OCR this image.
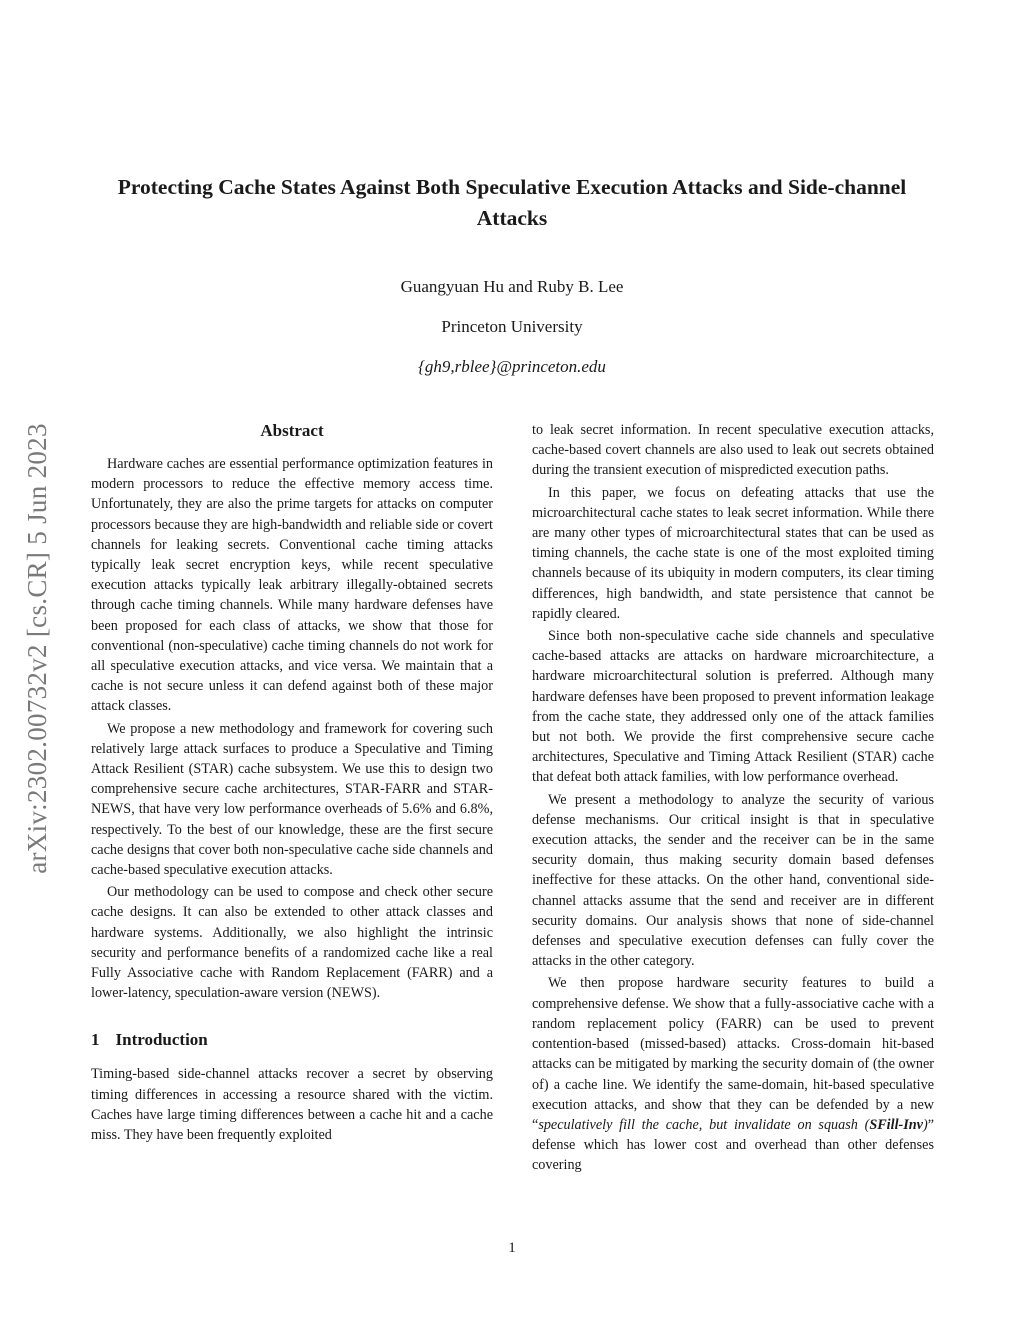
arXiv:2302.00732v2 [cs.CR] 5 Jun 2023
Protecting Cache States Against Both Speculative Execution Attacks and Side-channel Attacks
Guangyuan Hu and Ruby B. Lee
Princeton University
{gh9,rblee}@princeton.edu
Abstract

Hardware caches are essential performance optimization features in modern processors to reduce the effective memory access time. Unfortunately, they are also the prime targets for attacks on computer processors because they are high-bandwidth and reliable side or covert channels for leaking secrets. Conventional cache timing attacks typically leak secret encryption keys, while recent speculative execution attacks typically leak arbitrary illegally-obtained secrets through cache timing channels. While many hardware defenses have been proposed for each class of attacks, we show that those for conventional (non-speculative) cache timing channels do not work for all speculative execution attacks, and vice versa. We maintain that a cache is not secure unless it can defend against both of these major attack classes.

We propose a new methodology and framework for covering such relatively large attack surfaces to produce a Speculative and Timing Attack Resilient (STAR) cache subsystem. We use this to design two comprehensive secure cache architectures, STAR-FARR and STAR-NEWS, that have very low performance overheads of 5.6% and 6.8%, respectively. To the best of our knowledge, these are the first secure cache designs that cover both non-speculative cache side channels and cache-based speculative execution attacks.

Our methodology can be used to compose and check other secure cache designs. It can also be extended to other attack classes and hardware systems. Additionally, we also highlight the intrinsic security and performance benefits of a randomized cache like a real Fully Associative cache with Random Replacement (FARR) and a lower-latency, speculation-aware version (NEWS).

1 Introduction

Timing-based side-channel attacks recover a secret by observing timing differences in accessing a resource shared with the victim. Caches have large timing differences between a cache hit and a cache miss. They have been frequently exploited

to leak secret information. In recent speculative execution attacks, cache-based covert channels are also used to leak out secrets obtained during the transient execution of mispredicted execution paths.

In this paper, we focus on defeating attacks that use the microarchitectural cache states to leak secret information. While there are many other types of microarchitectural states that can be used as timing channels, the cache state is one of the most exploited timing channels because of its ubiquity in modern computers, its clear timing differences, high bandwidth, and state persistence that cannot be rapidly cleared.

Since both non-speculative cache side channels and speculative cache-based attacks are attacks on hardware microarchitecture, a hardware microarchitectural solution is preferred. Although many hardware defenses have been proposed to prevent information leakage from the cache state, they addressed only one of the attack families but not both. We provide the first comprehensive secure cache architectures, Speculative and Timing Attack Resilient (STAR) cache that defeat both attack families, with low performance overhead.

We present a methodology to analyze the security of various defense mechanisms. Our critical insight is that in speculative execution attacks, the sender and the receiver can be in the same security domain, thus making security domain based defenses ineffective for these attacks. On the other hand, conventional side-channel attacks assume that the send and receiver are in different security domains. Our analysis shows that none of side-channel defenses and speculative execution defenses can fully cover the attacks in the other category.

We then propose hardware security features to build a comprehensive defense. We show that a fully-associative cache with a random replacement policy (FARR) can be used to prevent contention-based (missed-based) attacks. Cross-domain hit-based attacks can be mitigated by marking the security domain of (the owner of) a cache line. We identify the same-domain, hit-based speculative execution attacks, and show that they can be defended by a new “speculatively fill the cache, but invalidate on squash (SFill-Inv)” defense which has lower cost and overhead than other defenses covering

1
